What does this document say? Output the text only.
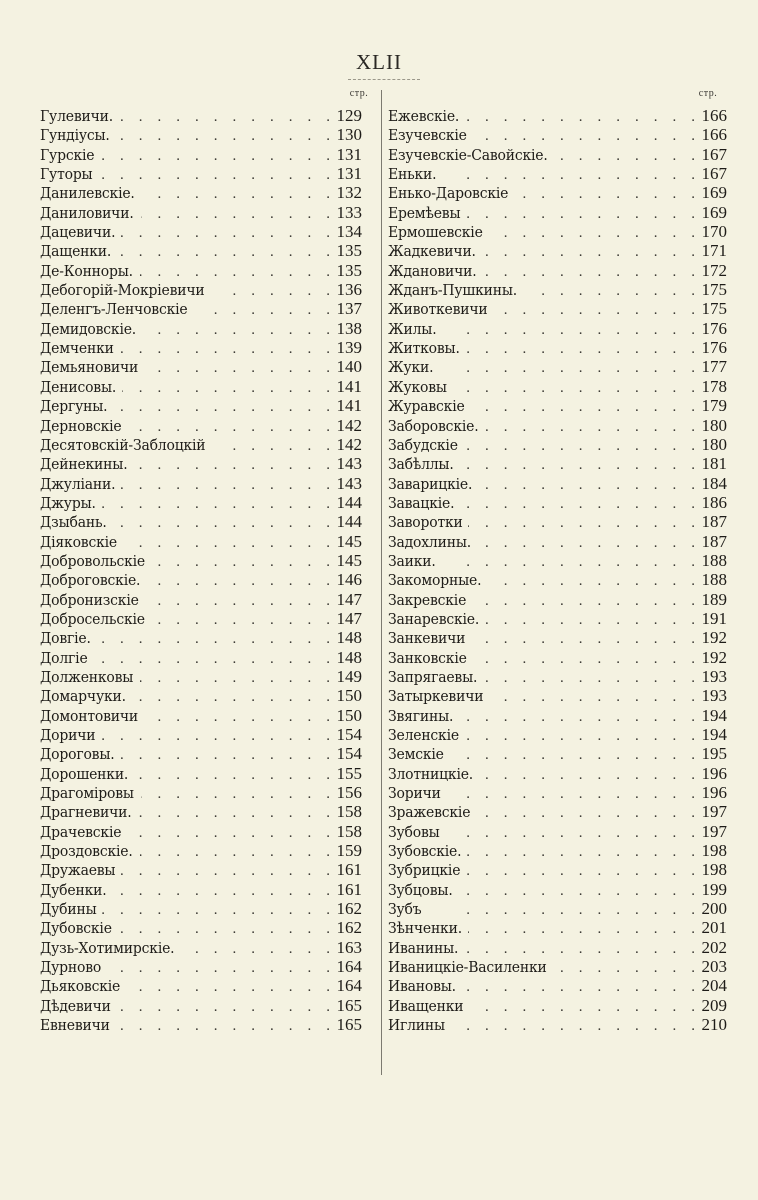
XLII
стр.	стр.
Гулевичи. .	129
Гундіусы. .	130
Гурскіе .	131
Гуторы .	131
Данилевскіе. .	132
Даниловичи. .	133
Дацевичи. .	134
Дащенки. .	135
Де-Конноры. .	135
Дебогорій-Мокріевичи .	136
Деленгъ-Ленчовскіе .	137
Демидовскіе. .	138
Демченки .	139
Демьяновичи .	140
Денисовы. .	141
Дергуны. .	141
Дерновскіе .	142
Десятовскій-Заблоцкій .	142
Дейнекины. .	143
Джуліани. .	143
Джуры. .	144
Дзыбань. .	144
Діяковскіе .	145
Добровольскіе .	145
Доброговскіе. .	146
Добронизскіе .	147
Добросельскіе .	147
Довгіе. .	148
Долгіе .	148
Долженковы .	149
Домарчуки. .	150
Домонтовичи .	150
Доричи .	154
Дороговы. .	154
Дорошенки. .	155
Драгоміровы .	156
Драгневичи. .	158
Драчевскіе .	158
Дроздовскіе. .	159
Дружаевы .	161
Дубенки. .	161
Дубины .	162
Дубовскіе .	162
Дузь-Хотимирскіе. .	163
Дурново .	164
Дьяковскіе .	164
Дѣдевичи .	165
Евневичи .	165
Ежевскіе. .	166
Езучевскіе .	166
Езучевскіе-Савойскіе. .	167
Еньки. .	167
Енько-Даровскіе .	169
Еремѣевы .	169
Ермошевскіе .	170
Жадкевичи. .	171
Ждановичи. .	172
Жданъ-Пушкины. .	175
Животкевичи .	175
Жилы. .	176
Житковы. .	176
Жуки. .	177
Жуковы .	178
Журавскіе .	179
Заборовскіе. .	180
Забудскіе .	180
Забѣллы. .	181
Заварицкіе. .	184
Завацкіе. .	186
Заворотки .	187
Задохлины. .	187
Заики. .	188
Закоморные. .	188
Закревскіе .	189
Занаревскіе. .	191
Занкевичи .	192
Занковскіе .	192
Запрягаевы. .	193
Затыркевичи .	193
Звягины. .	194
Зеленскіе .	194
Земскіе .	195
Злотницкіе. .	196
Зоричи .	196
Зражевскіе .	197
Зубовы .	197
Зубовскіе. .	198
Зубрицкіе .	198
Зубцовы. .	199
Зубъ .	200
Зѣнченки. .	201
Иванины. .	202
Иваницкіе-Василенки .	203
Ивановы. .	204
Иващенки .	209
Иглины .	210
